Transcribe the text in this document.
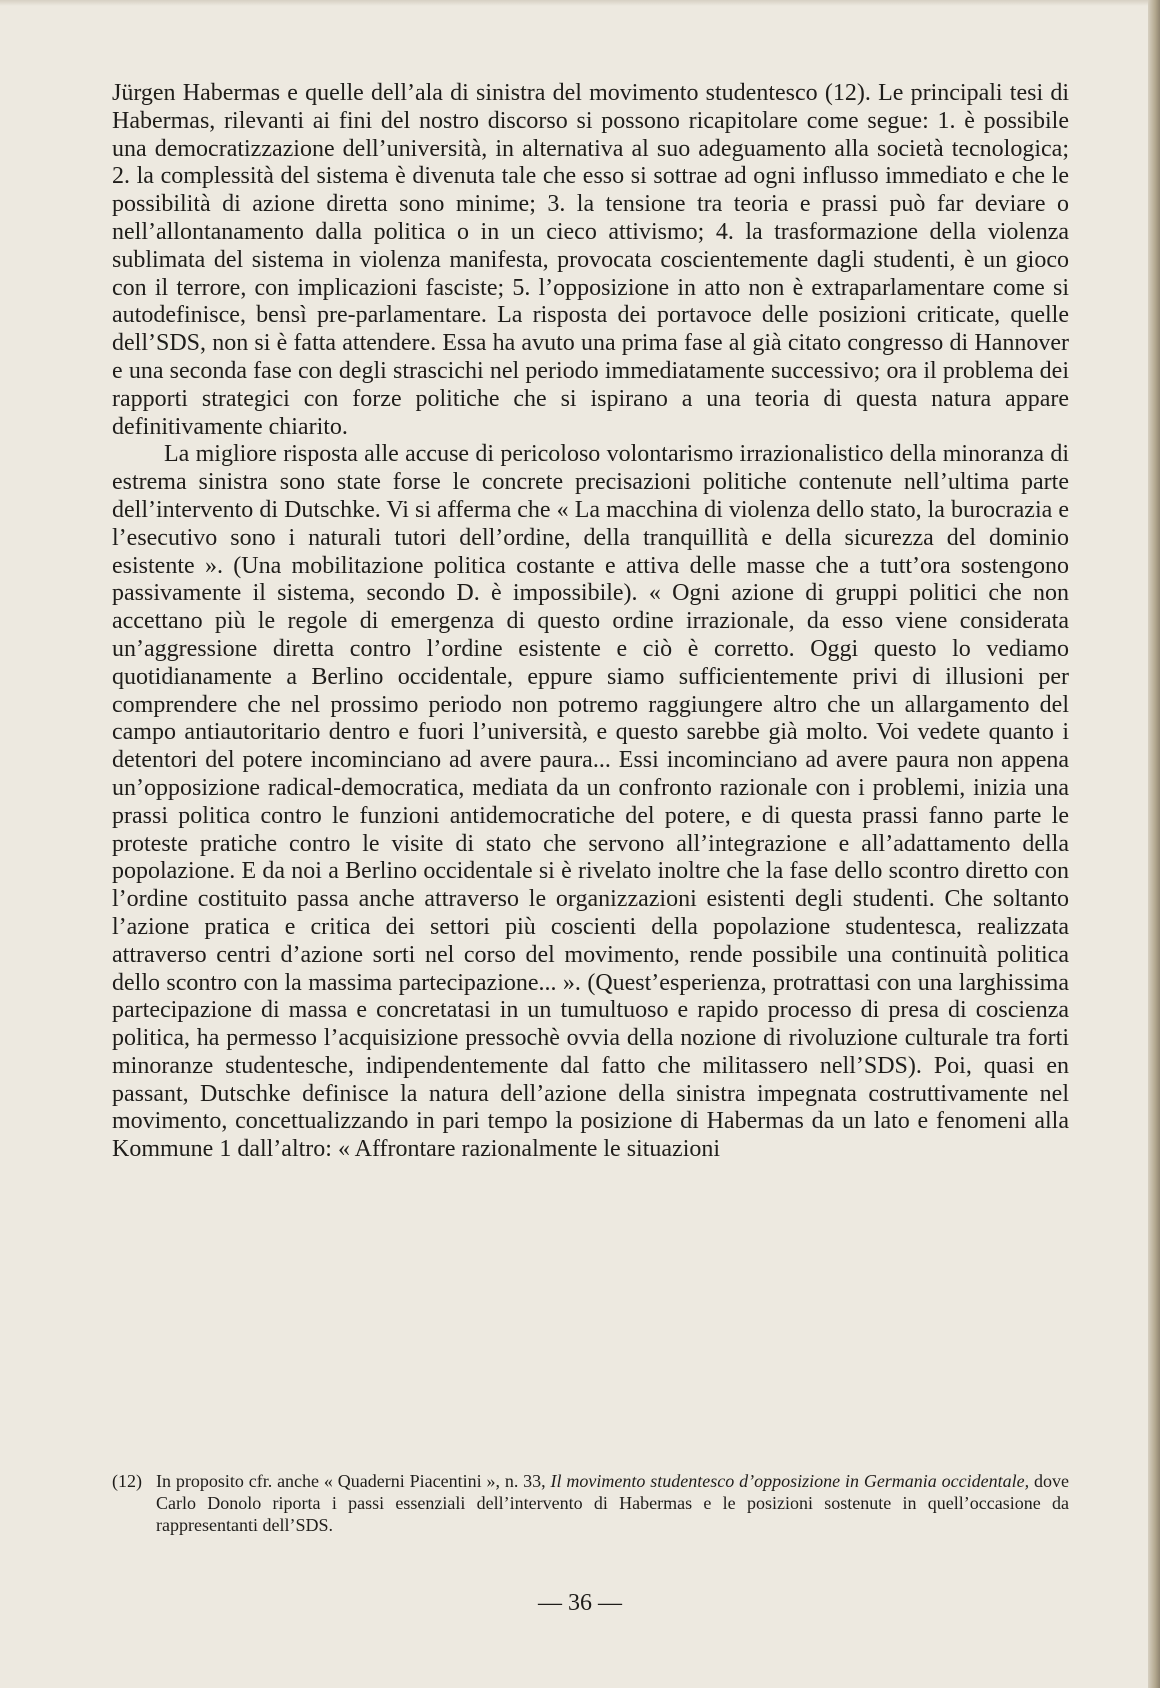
Jürgen Habermas e quelle dell’ala di sinistra del movimento studentesco (12). Le principali tesi di Habermas, rilevanti ai fini del nostro discorso si possono ricapitolare come segue: 1. è possibile una democratizzazione dell’università, in alternativa al suo adeguamento alla società tecnologica; 2. la complessità del sistema è divenuta tale che esso si sottrae ad ogni influsso immediato e che le possibilità di azione diretta sono minime; 3. la tensione tra teoria e prassi può far deviare o nell’allontanamento dalla politica o in un cieco attivismo; 4. la trasformazione della violenza sublimata del sistema in violenza manifesta, provocata coscientemente dagli studenti, è un gioco con il terrore, con implicazioni fasciste; 5. l’opposizione in atto non è extraparlamentare come si autodefinisce, bensì pre-parlamentare. La risposta dei portavoce delle posizioni criticate, quelle dell’SDS, non si è fatta attendere. Essa ha avuto una prima fase al già citato congresso di Hannover e una seconda fase con degli strascichi nel periodo immediatamente successivo; ora il problema dei rapporti strategici con forze politiche che si ispirano a una teoria di questa natura appare definitivamente chiarito.

La migliore risposta alle accuse di pericoloso volontarismo irrazionalistico della minoranza di estrema sinistra sono state forse le concrete precisazioni politiche contenute nell’ultima parte dell’intervento di Dutschke. Vi si afferma che « La macchina di violenza dello stato, la burocrazia e l’esecutivo sono i naturali tutori dell’ordine, della tranquillità e della sicurezza del dominio esistente ». (Una mobilitazione politica costante e attiva delle masse che a tutt’ora sostengono passivamente il sistema, secondo D. è impossibile). « Ogni azione di gruppi politici che non accettano più le regole di emergenza di questo ordine irrazionale, da esso viene considerata un’aggressione diretta contro l’ordine esistente e ciò è corretto. Oggi questo lo vediamo quotidianamente a Berlino occidentale, eppure siamo sufficientemente privi di illusioni per comprendere che nel prossimo periodo non potremo raggiungere altro che un allargamento del campo antiautoritario dentro e fuori l’università, e questo sarebbe già molto. Voi vedete quanto i detentori del potere incominciano ad avere paura... Essi incominciano ad avere paura non appena un’opposizione radical-democratica, mediata da un confronto razionale con i problemi, inizia una prassi politica contro le funzioni antidemocratiche del potere, e di questa prassi fanno parte le proteste pratiche contro le visite di stato che servono all’integrazione e all’adattamento della popolazione. E da noi a Berlino occidentale si è rivelato inoltre che la fase dello scontro diretto con l’ordine costituito passa anche attraverso le organizzazioni esistenti degli studenti. Che soltanto l’azione pratica e critica dei settori più coscienti della popolazione studentesca, realizzata attraverso centri d’azione sorti nel corso del movimento, rende possibile una continuità politica dello scontro con la massima partecipazione... ». (Quest’esperienza, protrattasi con una larghissima partecipazione di massa e concretatasi in un tumultuoso e rapido processo di presa di coscienza politica, ha permesso l’acquisizione pressochè ovvia della nozione di rivoluzione culturale tra forti minoranze studentesche, indipendentemente dal fatto che militassero nell’SDS). Poi, quasi en passant, Dutschke definisce la natura dell’azione della sinistra impegnata costruttivamente nel movimento, concettualizzando in pari tempo la posizione di Habermas da un lato e fenomeni alla Kommune 1 dall’altro: « Affrontare razionalmente le situazioni

(12) In proposito cfr. anche « Quaderni Piacentini », n. 33, Il movimento studentesco d’opposizione in Germania occidentale, dove Carlo Donolo riporta i passi essenziali dell’intervento di Habermas e le posizioni sostenute in quell’occasione da rappresentanti dell’SDS.
— 36 —
